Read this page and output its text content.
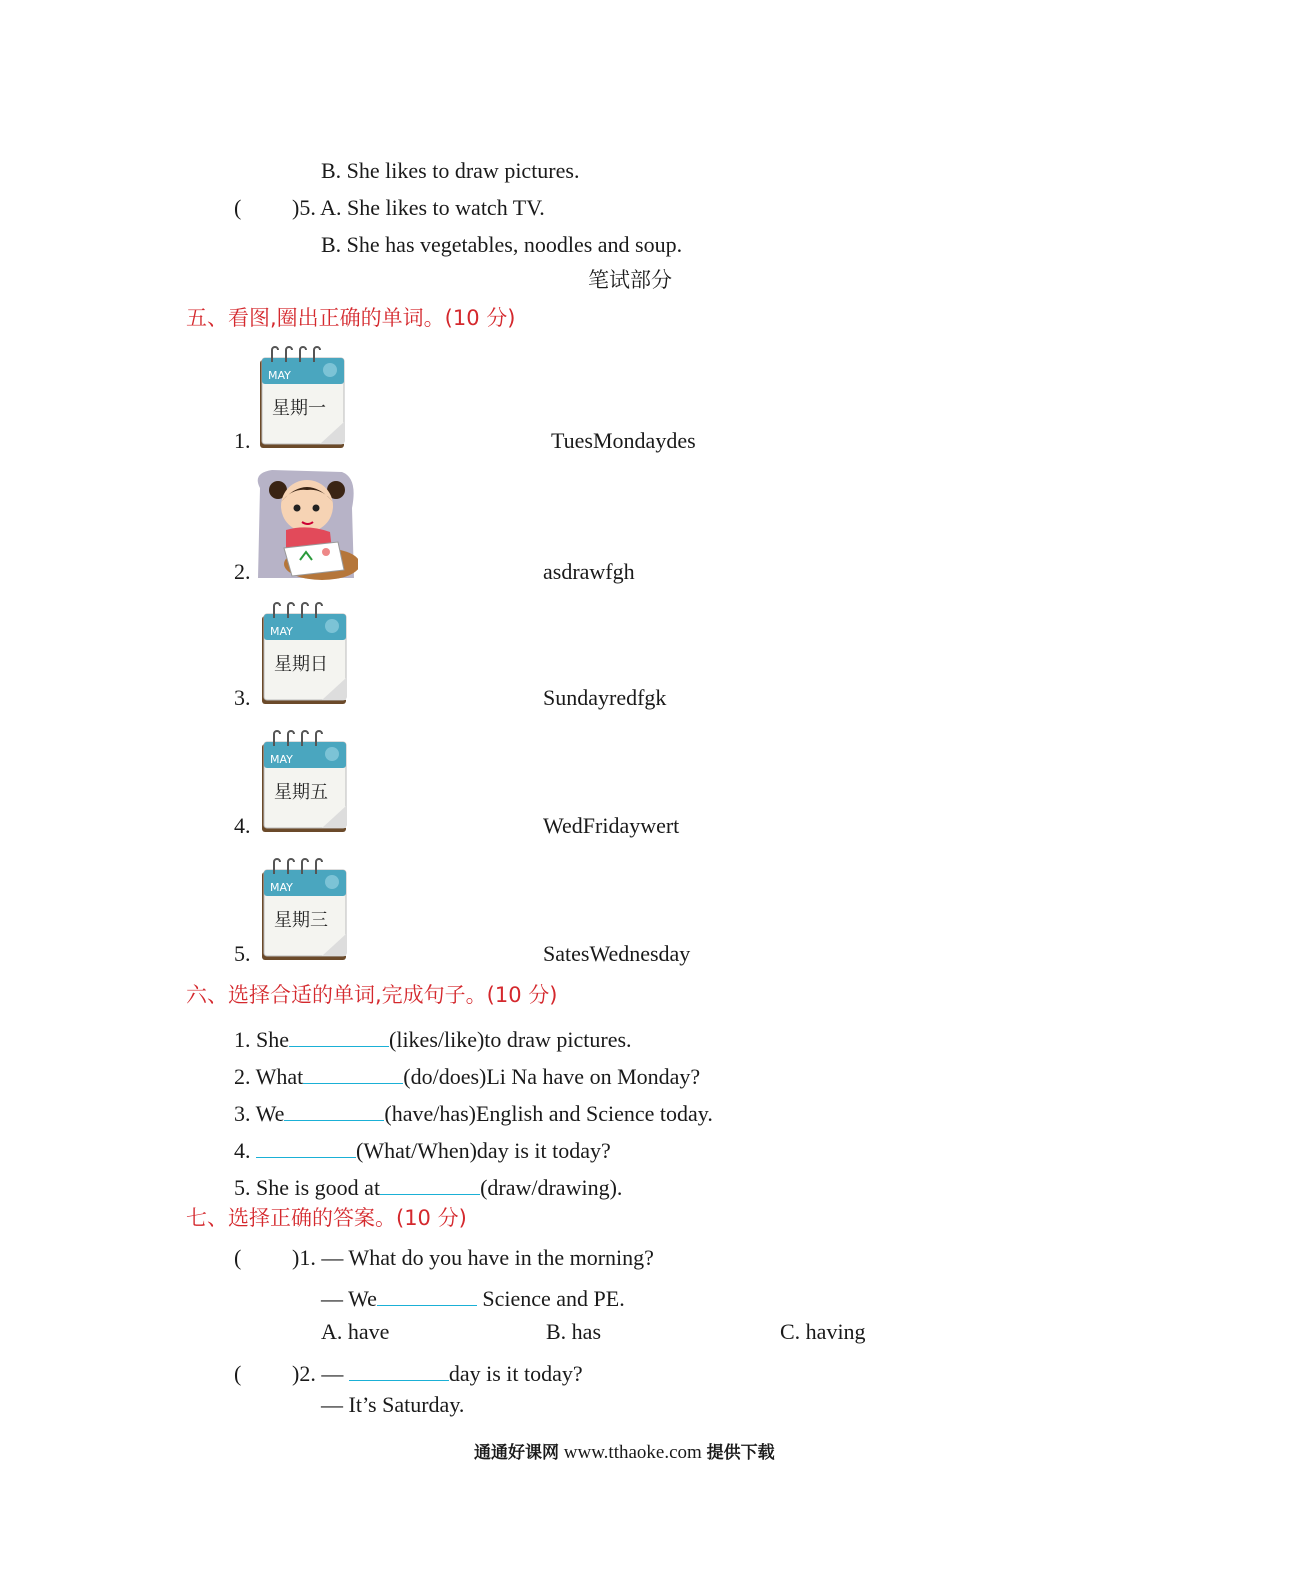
B. She likes to draw pictures.
( )5. A. She likes to watch TV.
B. She has vegetables, noodles and soup.
笔试部分
五、看图,圈出正确的单词。(10 分)
1.
MAY
星期一
TuesMondaydes
2.	asdrawfgh
3.
MAY
星期日
Sundayredfgk
4.
MAY
星期五
WedFridaywert
5.
MAY
星期三
SatesWednesday
六、选择合适的单词,完成句子。(10 分)
1. She	(likes/like)to draw pictures.
2. What	(do/does)Li Na have on Monday?
3. We	(have/has)English and Science today.
4.	(What/When)day is it today?
5. She is good at	(draw/drawing).
七、选择正确的答案。(10 分)
( )1. — What do you have in the morning?
— We	Science and PE.
A. have	B. has	C. having
( )2. —	day is it today?
— It’s Saturday.
通通好课网 www.tthaoke.com 提供下载
